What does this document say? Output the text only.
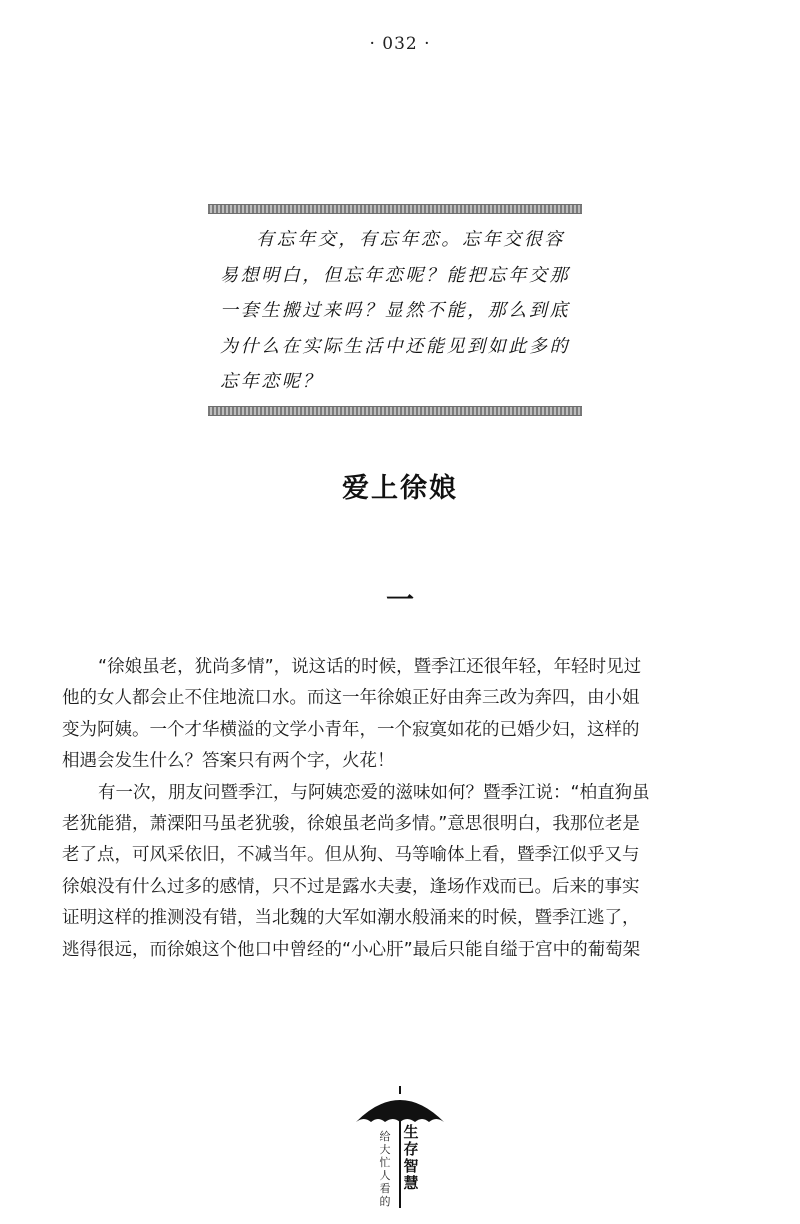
· 032 ·
有忘年交，有忘年恋。忘年交很容
易想明白，但忘年恋呢？能把忘年交那
一套生搬过来吗？显然不能，那么到底
为什么在实际生活中还能见到如此多的
忘年恋呢？
爱上徐娘
一
“徐娘虽老，犹尚多情”，说这话的时候，暨季江还很年轻，年轻时见过
他的女人都会止不住地流口水。而这一年徐娘正好由奔三改为奔四，由小姐
变为阿姨。一个才华横溢的文学小青年，一个寂寞如花的已婚少妇，这样的
相遇会发生什么？答案只有两个字，火花！
有一次，朋友问暨季江，与阿姨恋爱的滋味如何？暨季江说：“柏直狗虽
老犹能猎，萧溧阳马虽老犹骏，徐娘虽老尚多情。”意思很明白，我那位老是
老了点，可风采依旧，不减当年。但从狗、马等喻体上看，暨季江似乎又与
徐娘没有什么过多的感情，只不过是露水夫妻，逢场作戏而已。后来的事实
证明这样的推测没有错，当北魏的大军如潮水般涌来的时候，暨季江逃了，
逃得很远，而徐娘这个他口中曾经的“小心肝”最后只能自缢于宫中的葡萄架
生
存
智
慧
给
大
忙
人
看
的
